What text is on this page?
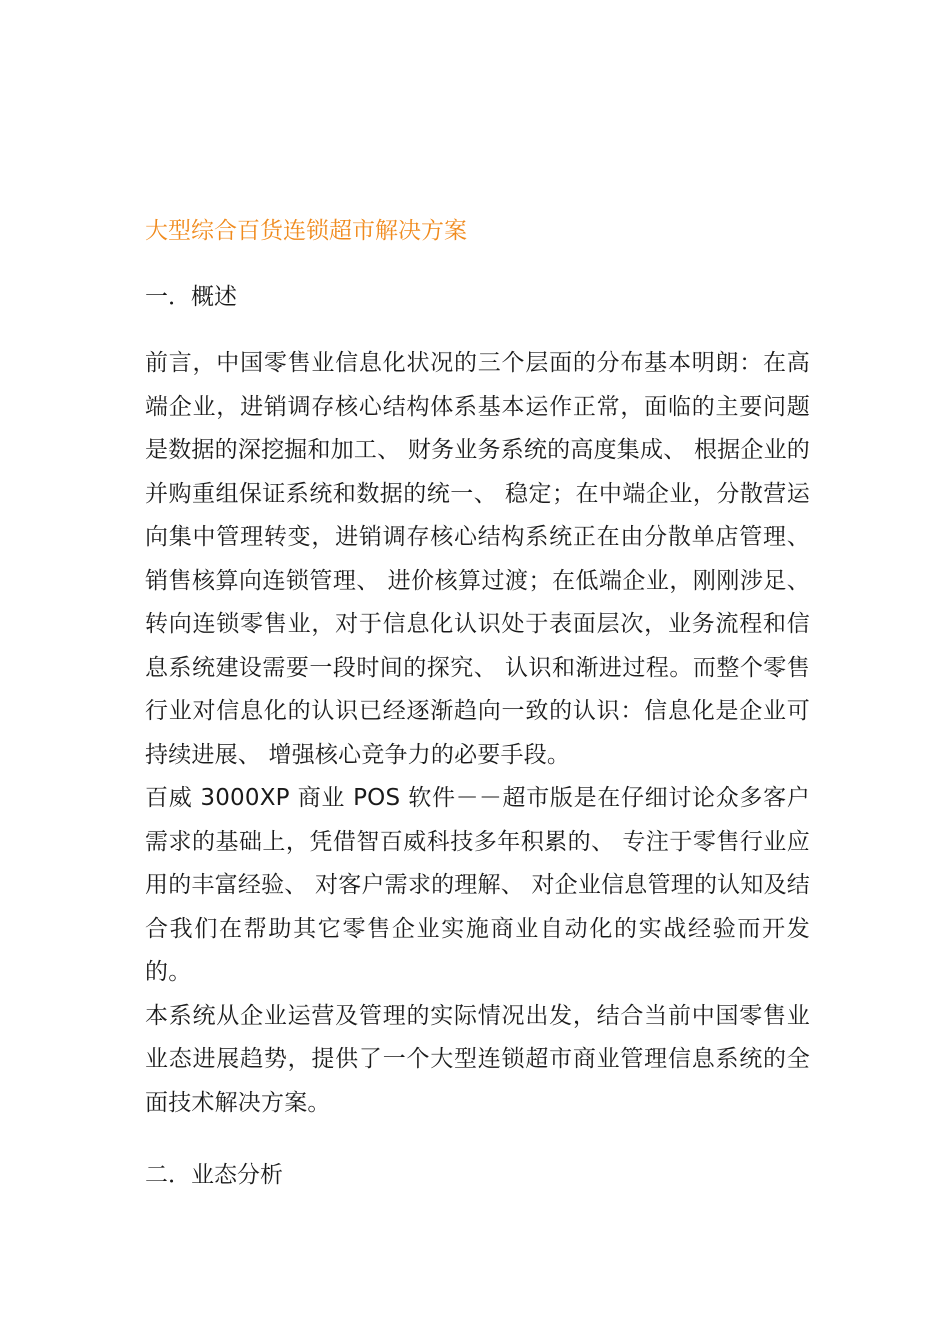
大型综合百货连锁超市解决方案

一．概述

前言，中国零售业信息化状况的三个层面的分布基本明朗：在高端企业，进销调存核心结构体系基本运作正常，面临的主要问题是数据的深挖掘和加工、 财务业务系统的高度集成、 根据企业的并购重组保证系统和数据的统一、 稳定；在中端企业，分散营运向集中管理转变，进销调存核心结构系统正在由分散单店管理、 销售核算向连锁管理、 进价核算过渡；在低端企业，刚刚涉足、 转向连锁零售业，对于信息化认识处于表面层次，业务流程和信息系统建设需要一段时间的探究、 认识和渐进过程。而整个零售行业对信息化的认识已经逐渐趋向一致的认识：信息化是企业可持续进展、 增强核心竞争力的必要手段。

百威 3000XP 商业 POS 软件－－超市版是在仔细讨论众多客户需求的基础上，凭借智百威科技多年积累的、 专注于零售行业应用的丰富经验、 对客户需求的理解、 对企业信息管理的认知及结合我们在帮助其它零售企业实施商业自动化的实战经验而开发的。

本系统从企业运营及管理的实际情况出发，结合当前中国零售业业态进展趋势，提供了一个大型连锁超市商业管理信息系统的全面技术解决方案。

二．业态分析
